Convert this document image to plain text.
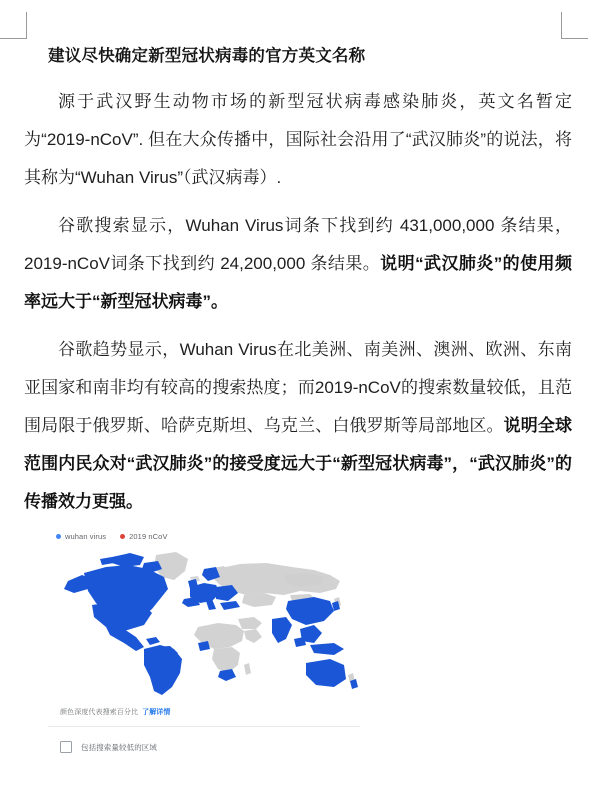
建议尽快确定新型冠状病毒的官方英文名称

源于武汉野生动物市场的新型冠状病毒感染肺炎，英文名暂定为“2019-nCoV”. 但在大众传播中，国际社会沿用了“武汉肺炎”的说法，将其称为“Wuhan Virus”（武汉病毒）.

谷歌搜索显示，Wuhan Virus词条下找到约 431,000,000 条结果，2019-nCoV词条下找到约 24,200,000 条结果。说明“武汉肺炎”的使用频率远大于“新型冠状病毒”。

谷歌趋势显示，Wuhan Virus在北美洲、南美洲、澳洲、欧洲、东南亚国家和南非均有较高的搜索热度；而2019-nCoV的搜索数量较低，且范围局限于俄罗斯、哈萨克斯坦、乌克兰、白俄罗斯等局部地区。说明全球范围内民众对“武汉肺炎”的接受度远大于“新型冠状病毒”，“武汉肺炎”的传播效力更强。

wuhan virus	2019 nCoV
颜色深度代表搜索百分比 了解详情
包括搜索量较低的区域
